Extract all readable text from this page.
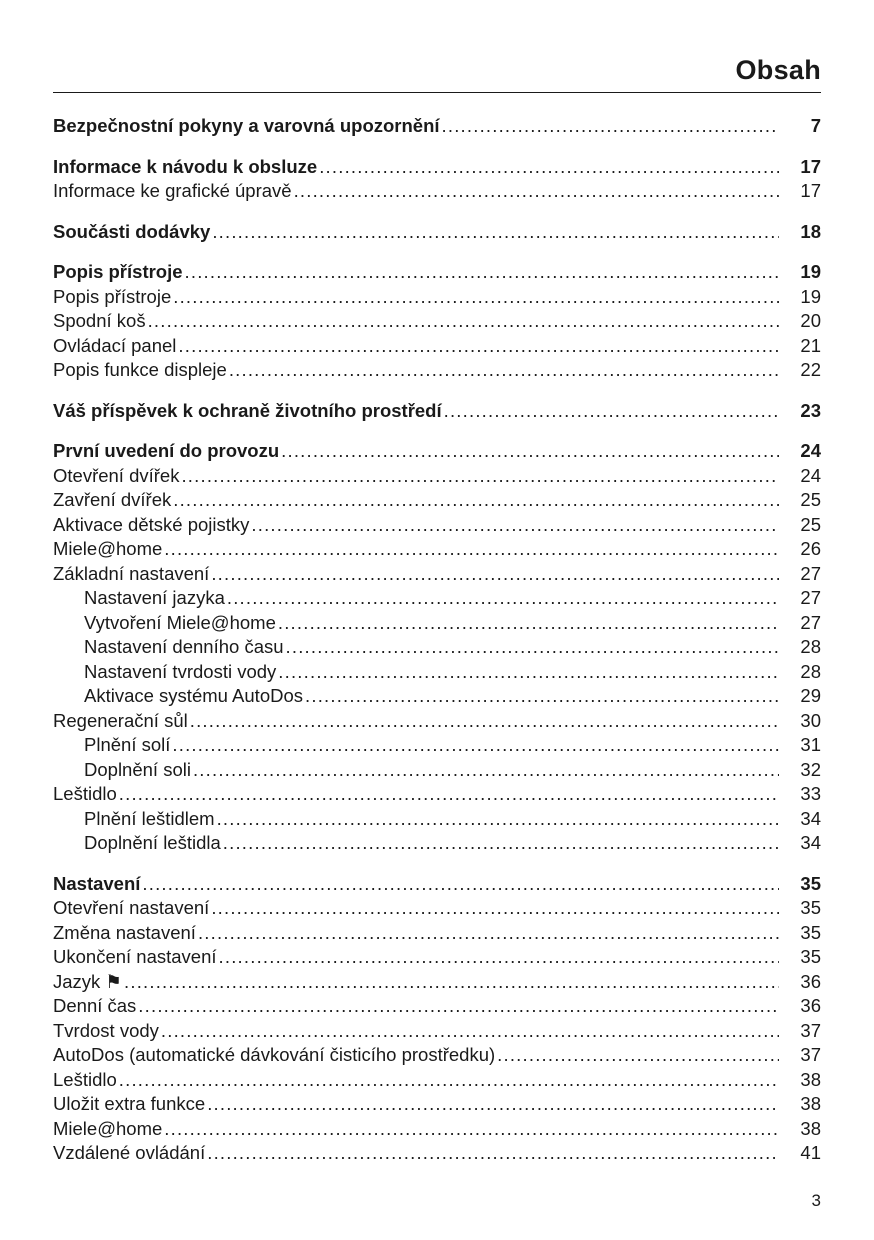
Obsah
Bezpečnostní pokyny a varovná upozornění .....	7
Informace k návodu k obsluze .....	17
Informace ke grafické úpravě .....	17
Součásti dodávky .....	18
Popis přístroje .....	19
Popis přístroje .....	19
Spodní koš .....	20
Ovládací panel .....	21
Popis funkce displeje .....	22
Váš příspěvek k ochraně životního prostředí .....	23
První uvedení do provozu .....	24
Otevření dvířek .....	24
Zavření dvířek .....	25
Aktivace dětské pojistky .....	25
Miele@home .....	26
Základní nastavení .....	27
Nastavení jazyka .....	27
Vytvoření Miele@home .....	27
Nastavení denního času .....	28
Nastavení tvrdosti vody .....	28
Aktivace systému AutoDos .....	29
Regenerační sůl .....	30
Plnění solí .....	31
Doplnění soli .....	32
Leštidlo .....	33
Plnění leštidlem .....	34
Doplnění leštidla .....	34
Nastavení .....	35
Otevření nastavení .....	35
Změna nastavení .....	35
Ukončení nastavení .....	35
Jazyk ⚑ .....	36
Denní čas .....	36
Tvrdost vody .....	37
AutoDos (automatické dávkování čisticího prostředku) .....	37
Leštidlo .....	38
Uložit extra funkce .....	38
Miele@home .....	38
Vzdálené ovládání .....	41
3
